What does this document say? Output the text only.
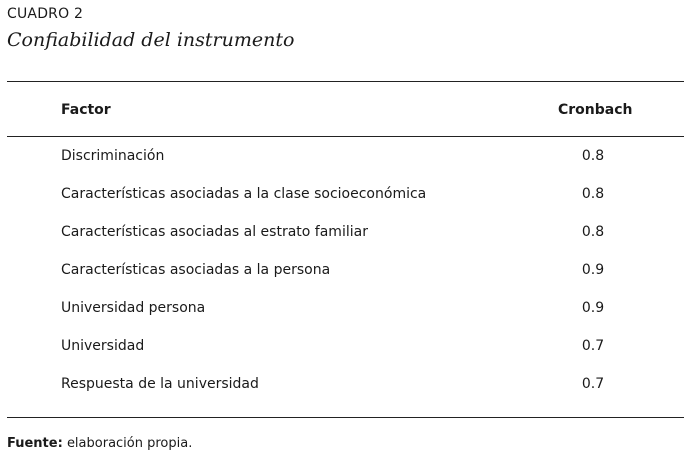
CUADRO 2
Confiabilidad del instrumento
Factor	Cronbach
Discriminación	0.8
Características asociadas a la clase socioeconómica	0.8
Características asociadas al estrato familiar	0.8
Características asociadas a la persona	0.9
Universidad persona	0.9
Universidad	0.7
Respuesta de la universidad	0.7
Fuente: elaboración propia.
